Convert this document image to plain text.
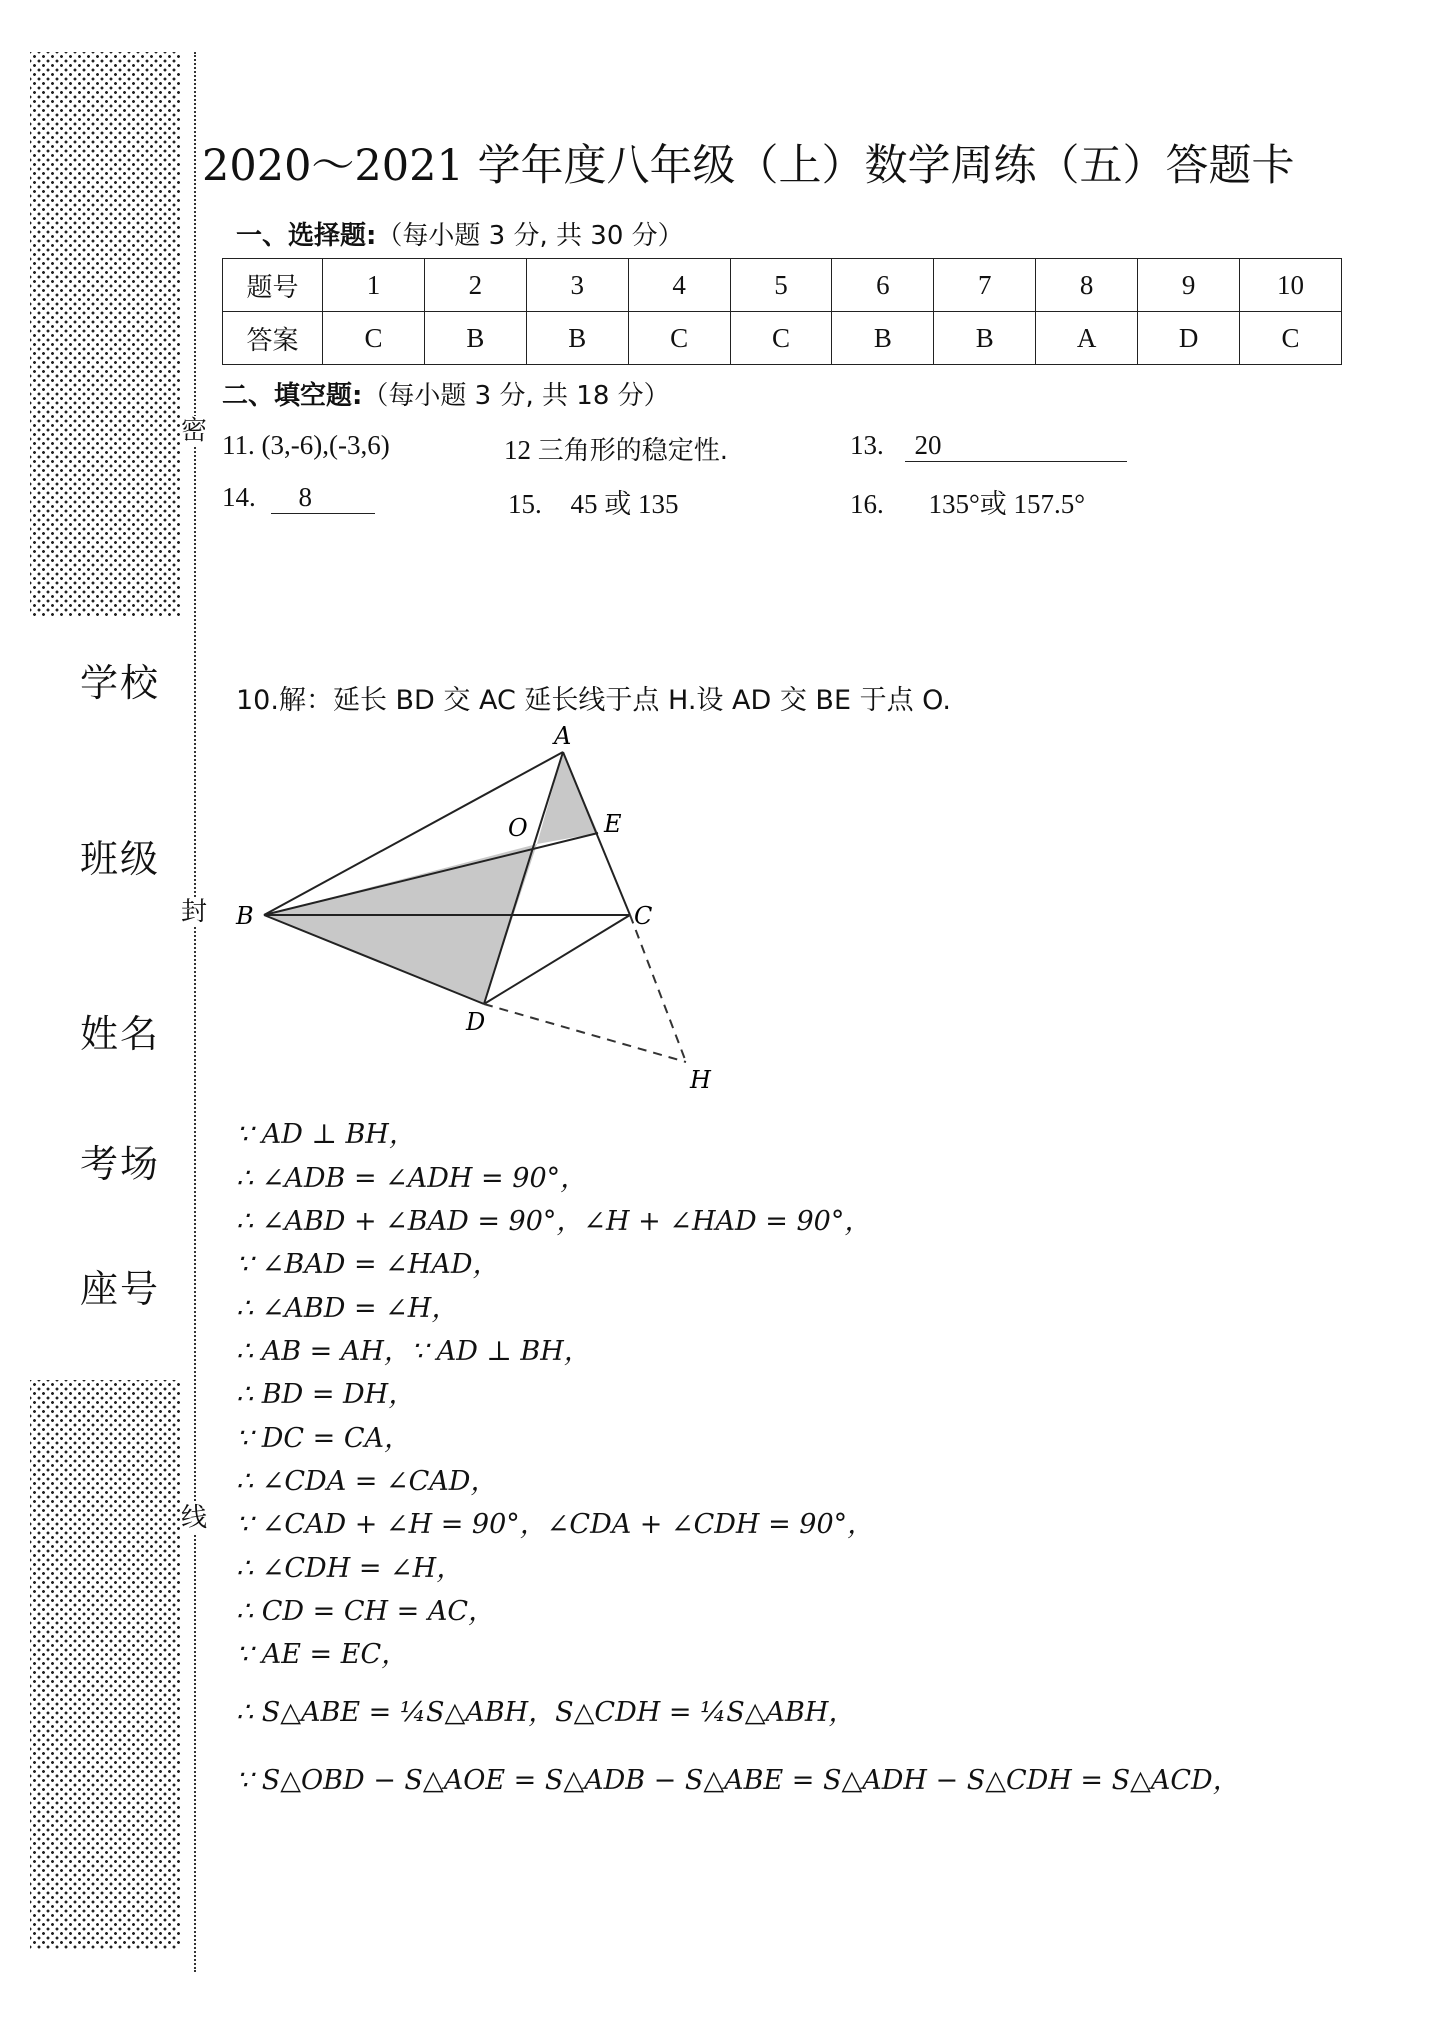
密
封
线
学校
班级
姓名
考场
座号
2020～2021 学年度八年级（上）数学周练（五）答题卡
一、选择题:（每小题 3 分, 共 30 分）
题号	1	2	3	4	5	6	7	8	9	10
答案	C	B	B	C	C	B	B	A	D	C
二、填空题:（每小题 3 分, 共 18 分）
11. (3,-6),(-3,6)	12 三角形的稳定性.	13. 20
14. 8	15. 45 或 135	16. 135°或 157.5°
10.解：延长 BD 交 AC 延长线于点 H.设 AD 交 BE 于点 O.
A
B	C
D
E
O
H
∵ AD ⊥ BH，
∴ ∠ADB = ∠ADH = 90°，
∴ ∠ABD + ∠BAD = 90°，∠H + ∠HAD = 90°，
∵ ∠BAD = ∠HAD，
∴ ∠ABD = ∠H，
∴ AB = AH，∵ AD ⊥ BH，
∴ BD = DH，
∵ DC = CA，
∴ ∠CDA = ∠CAD，
∵ ∠CAD + ∠H = 90°，∠CDA + ∠CDH = 90°，
∴ ∠CDH = ∠H，
∴ CD = CH = AC，
∵ AE = EC，
∴ S△ABE = ¼S△ABH，S△CDH = ¼S△ABH，
∵ S△OBD − S△AOE = S△ADB − S△ABE = S△ADH − S△CDH = S△ACD，
